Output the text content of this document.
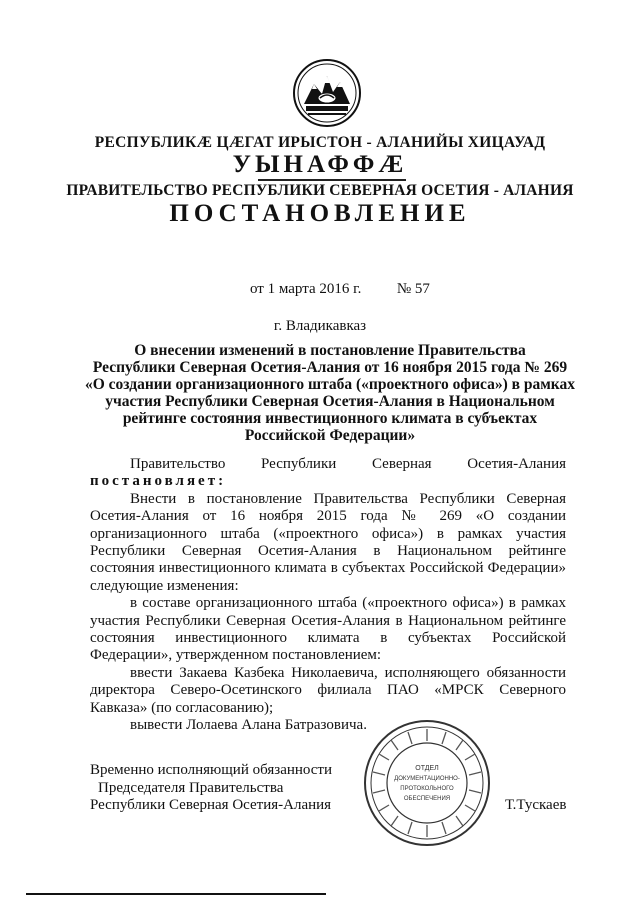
РЕСПУБЛИКӔ ЦӔГАТ ИРЫСТОН - АЛАНИЙЫ ХИЦАУАД
УЫНАФФӔ
ПРАВИТЕЛЬСТВО РЕСПУБЛИКИ СЕВЕРНАЯ ОСЕТИЯ - АЛАНИЯ
ПОСТАНОВЛЕНИЕ
от 1 марта 2016 г. № 57
г. Владикавказ
О внесении изменений в постановление Правительства
Республики Северная Осетия-Алания от 16 ноября 2015 года № 269
«О создании организационного штаба («проектного офиса») в рамках
участия Республики Северная Осетия-Алания в Национальном
рейтинге состояния инвестиционного климата в субъектах
Российской Федерации»

Правительство Республики Северная Осетия-Алания

постановляет:

Внести в постановление Правительства Республики Северная Осетия-Алания от 16 ноября 2015 года № 269 «О создании организационного штаба («проектного офиса») в рамках участия Республики Северная Осетия-Алания в Национальном рейтинге состояния инвестиционного климата в субъектах Российской Федерации» следующие изменения:

в составе организационного штаба («проектного офиса») в рамках участия Республики Северная Осетия-Алания в Национальном рейтинге состояния инвестиционного климата в субъектах Российской Федерации», утвержденном постановлением:

ввести Закаева Казбека Николаевича, исполняющего обязанности директора Северо-Осетинского филиала ПАО «МРСК Северного Кавказа» (по согласованию);

вывести Лолаева Алана Батразовича.

Временно исполняющий обязанности
Председателя Правительства
Республики Северная Осетия-Алания
ОТДЕЛ
ДОКУМЕНТАЦИОННО-
ПРОТОКОЛЬНОГО
ОБЕСПЕЧЕНИЯ	Т.Тускаев
